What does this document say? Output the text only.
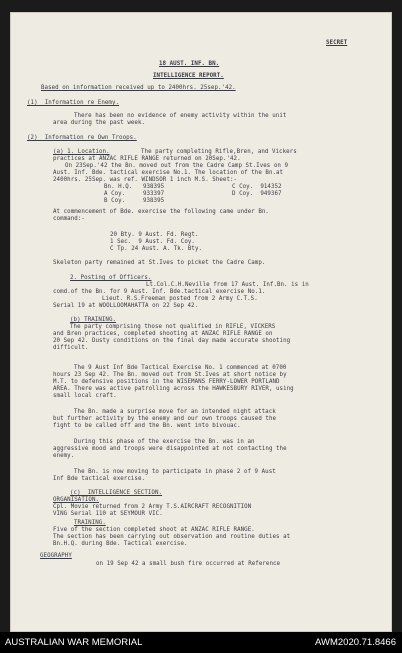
SECRET
18 AUST. INF. BN.
INTELLIGENCE REPORT.
Based on information received up to 2400hrs. 25sep.'42.
(1)  Information re Enemy.
There has been no evidence of enemy activity within the unit
area during the past week.
(2)  Information re Own Troops.
(a) 1. Location.	The party completing Rifle,Bren, and Vickers
practices at ANZAC RIFLE RANGE returned on 20Sep.'42.
On 23Sep.'42 the Bn. moved out from the Cadre Camp St.Ives on 9
Aust. Inf. Bde. tactical exercise No.1. The location of the Bn.at
2400hrs. 25Sep. was ref. WINDSOR 1 inch M.S. Sheet:-
Bn. H.Q.   938395
A Coy.     933397
B Coy.     938395
C Coy.  914352
D Coy.  949367
At commencement of Bde. exercise the following came under Bn.
command:-
20 Bty. 9 Aust. Fd. Regt.
1 Sec.  9 Aust. Fd. Coy.
C Tp. 24 Aust. A. Tk. Bty.
Skeleton party remained at St.Ives to picket the Cadre Camp.
2. Posting of Officers.
Lt.Col.C.H.Neville from 17 Aust. Inf.Bn. is in
comd.of the Bn. for 9 Aust. Inf. Bde.tactical exercise No.1.
Lieut. R.S.Freeman posted from 2 Army C.T.S.
Serial 19 at WOOLLOOMAHATTA on 22 Sep 42.
(b) TRAINING.
The party comprising those not qualified in RIFLE, VICKERS
and Bren practices, completed shooting at ANZAC RIFLE RANGE on
20 Sep 42. Dusty conditions on the final day made accurate shooting
difficult.
The 9 Aust Inf Bde Tactical Exercise No. 1 commenced at 0700
hours 23 Sep 42. The Bn. moved out from St.Ives at short notice by
M.T. to defensive positions in the WISEMANS FERRY-LOWER PORTLAND
AREA. There was active patrolling across the HAWKESBURY RIVER, using
small local craft.
The Bn. made a surprise move for an intended night attack
but further activity by the enemy and our own troops caused the
fight to be called off and the Bn. went into bivouac.
During this phase of the exercise the Bn. was in an
aggressive mood and troops were disappointed at not contacting the
enemy.
The Bn. is now moving to participate in phase 2 of 9 Aust
Inf Bde tactical exercise.
(c)  INTELLIGENCE SECTION.
ORGANISATION.
Cpl. Movie returned from 2 Army T.S.AIRCRAFT RECOGNITION
VING Serial 110 at SEYMOUR VIC.
TRAINING.
Five of the section completed shoot at ANZAC RIFLE RANGE.
The section has been carrying out observation and routine duties at
Bn.H.Q. during Bde. Tactical exercise.
GEOGRAPHY
on 19 Sep 42 a small bush fire occurred at Reference
AUSTRALIAN WAR MEMORIAL	AWM2020.71.8466
